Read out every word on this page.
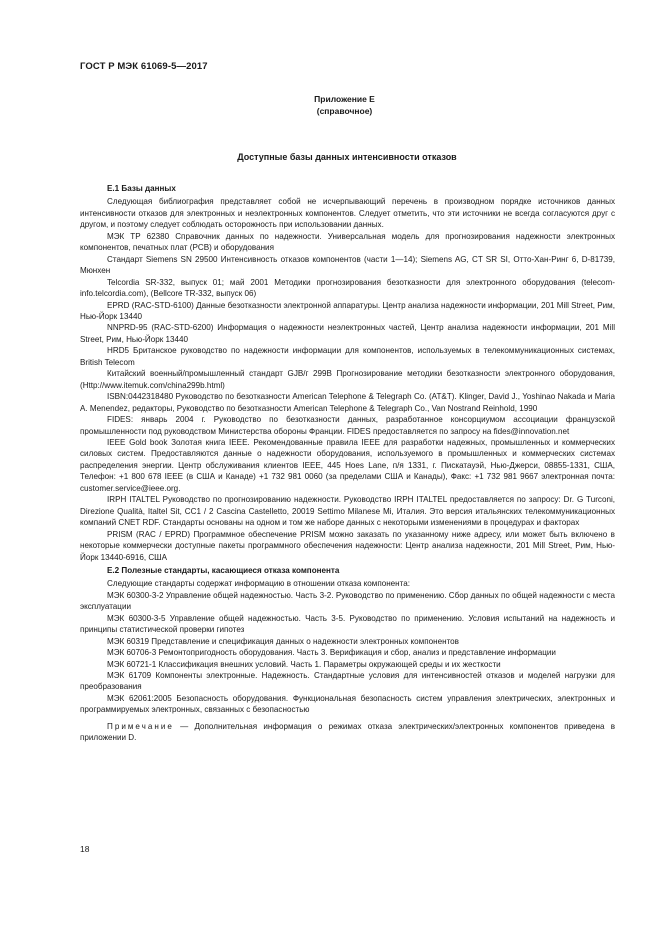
ГОСТ Р МЭК 61069-5—2017
Приложение Е
(справочное)
Доступные базы данных интенсивности отказов
Е.1 Базы данных

Следующая библиография представляет собой не исчерпывающий перечень в производном порядке источников данных интенсивности отказов для электронных и неэлектронных компонентов. Следует отметить, что эти источники не всегда согласуются друг с другом, и поэтому следует соблюдать осторожность при использовании данных.

МЭК ТР 62380 Справочник данных по надежности. Универсальная модель для прогнозирования надежности электронных компонентов, печатных плат (PCB) и оборудования

Стандарт Siemens SN 29500 Интенсивность отказов компонентов (части 1—14); Siemens AG, CT SR SI, Отто-Хан-Ринг 6, D-81739, Мюнхен

Telcordia SR-332, выпуск 01; май 2001 Методики прогнозирования безотказности для электронного оборудования (telecom-info.telcordia.com), (Bellcore TR-332, выпуск 06)

EPRD (RAC-STD-6100) Данные безотказности электронной аппаратуры. Центр анализа надежности информации, 201 Mill Street, Рим, Нью-Йорк 13440

NNPRD-95 (RAC-STD-6200) Информация о надежности неэлектронных частей, Центр анализа надежности информации, 201 Mill Street, Рим, Нью-Йорк 13440

HRD5 Британское руководство по надежности информации для компонентов, используемых в телекоммуникационных системах, British Telecom

Китайский военный/промышленный стандарт GJB/г 299В Прогнозирование методики безотказности электронного оборудования, (Http://www.itemuk.com/china299b.html)

ISBN:0442318480 Руководство по безотказности American Telephone & Telegraph Co. (AT&T). Klinger, David J., Yoshinao Nakada и Maria A. Menendez, редакторы, Руководство по безотказности American Telephone & Telegraph Co., Van Nostrand Reinhold, 1990

FIDES: январь 2004 г. Руководство по безотказности данных, разработанное консорциумом ассоциации французской промышленности под руководством Министерства обороны Франции. FIDES предоставляется по запросу на fides@innovation.net

IEEE Gold book Золотая книга IEEE. Рекомендованные правила IEEE для разработки надежных, промышленных и коммерческих силовых систем. Предоставляются данные о надежности оборудования, используемого в промышленных и коммерческих системах распределения энергии. Центр обслуживания клиентов IEEE, 445 Hoes Lane, п/я 1331, г. Пискатауэй, Нью-Джерси, 08855-1331, США, Телефон: +1 800 678 IEEE (в США и Канаде) +1 732 981 0060 (за пределами США и Канады), Факс: +1 732 981 9667 электронная почта: customer.service@ieee.org.

IRPH ITALTEL Руководство по прогнозированию надежности. Руководство IRPH ITALTEL предоставляется по запросу: Dr. G Turconi, Direzione Qualità, Italtel Sit, CC1 / 2 Cascina Castelletto, 20019 Settimo Milanese Mi, Италия. Это версия итальянских телекоммуникационных компаний CNET RDF. Стандарты основаны на одном и том же наборе данных с некоторыми изменениями в процедурах и факторах

PRISM (RAC / EPRD) Программное обеспечение PRISM можно заказать по указанному ниже адресу, или может быть включено в некоторые коммерчески доступные пакеты программного обеспечения надежности: Центр анализа надежности, 201 Mill Street, Рим, Нью-Йорк 13440-6916, США

Е.2 Полезные стандарты, касающиеся отказа компонента

Следующие стандарты содержат информацию в отношении отказа компонента:

МЭК 60300-3-2 Управление общей надежностью. Часть 3-2. Руководство по применению. Сбор данных по общей надежности с места эксплуатации

МЭК 60300-3-5 Управление общей надежностью. Часть 3-5. Руководство по применению. Условия испытаний на надежность и принципы статистической проверки гипотез

МЭК 60319 Представление и спецификация данных о надежности электронных компонентов

МЭК 60706-3 Ремонтопригодность оборудования. Часть 3. Верификация и сбор, анализ и представление информации

МЭК 60721-1 Классификация внешних условий. Часть 1. Параметры окружающей среды и их жесткости

МЭК 61709 Компоненты электронные. Надежность. Стандартные условия для интенсивностей отказов и моделей нагрузки для преобразования

МЭК 62061:2005 Безопасность оборудования. Функциональная безопасность систем управления электрических, электронных и программируемых электронных, связанных с безопасностью

Примечание — Дополнительная информация о режимах отказа электрических/электронных компонентов приведена в приложении D.

18
